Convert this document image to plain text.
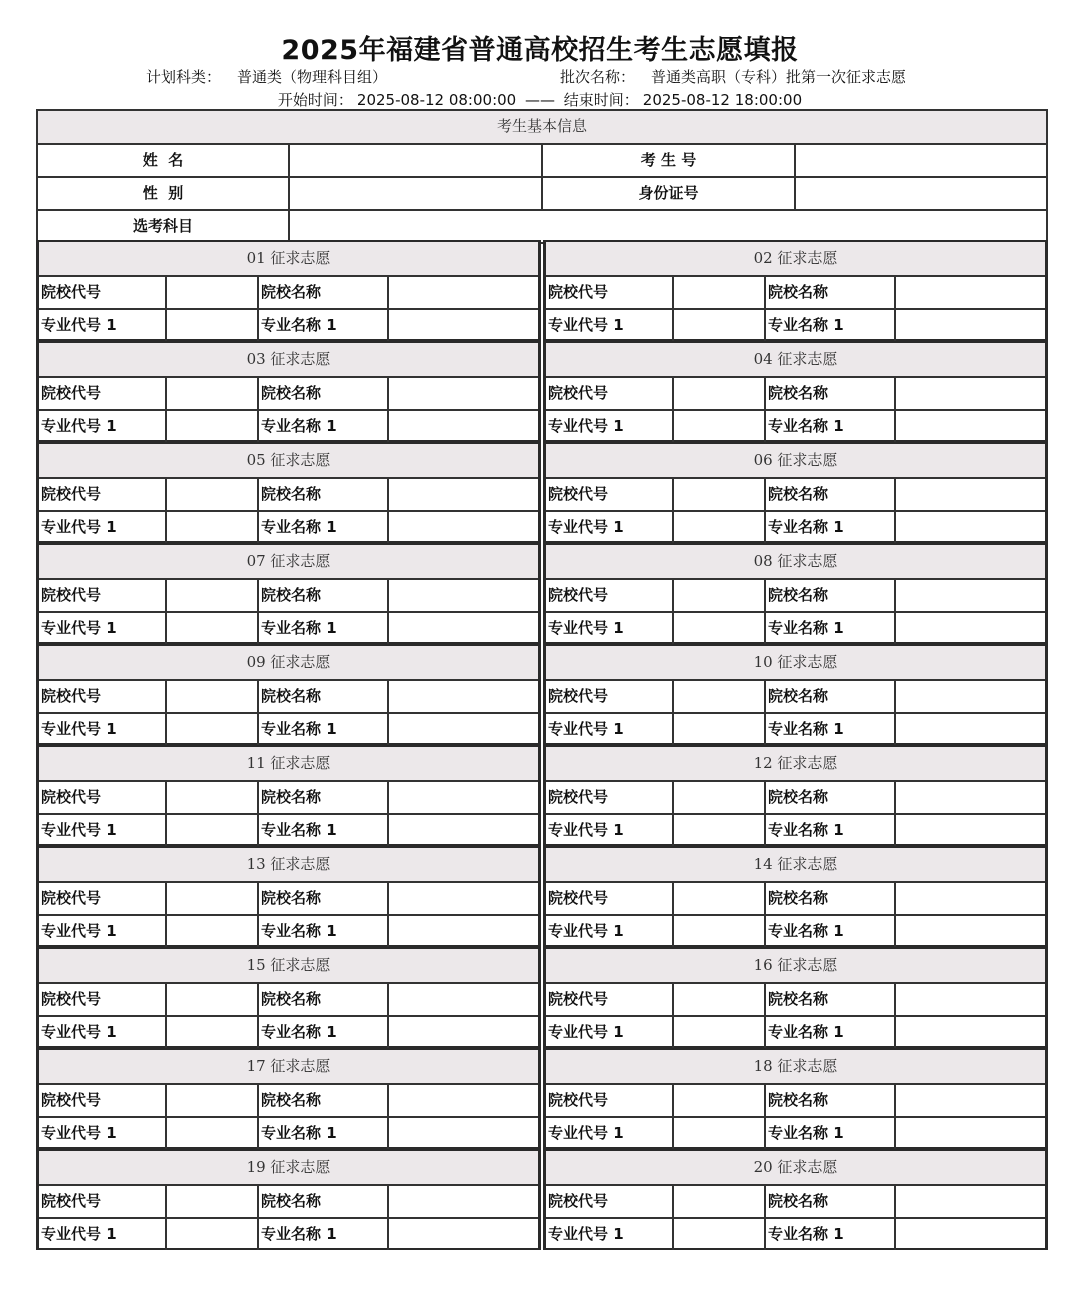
2025年福建省普通高校招生考生志愿填报
计划科类： 普通类（物理科目组）	批次名称： 普通类高职（专科）批第一次征求志愿
开始时间： 2025-08-12 08:00:00 —— 结束时间： 2025-08-12 18:00:00
考生基本信息
姓  名	考 生 号
性  别	身份证号
选考科目
01 征求志愿
院校代号	院校名称
专业代号 1	专业名称 1
02 征求志愿
院校代号	院校名称
专业代号 1	专业名称 1
03 征求志愿
院校代号	院校名称
专业代号 1	专业名称 1
04 征求志愿
院校代号	院校名称
专业代号 1	专业名称 1
05 征求志愿
院校代号	院校名称
专业代号 1	专业名称 1
06 征求志愿
院校代号	院校名称
专业代号 1	专业名称 1
07 征求志愿
院校代号	院校名称
专业代号 1	专业名称 1
08 征求志愿
院校代号	院校名称
专业代号 1	专业名称 1
09 征求志愿
院校代号	院校名称
专业代号 1	专业名称 1
10 征求志愿
院校代号	院校名称
专业代号 1	专业名称 1
11 征求志愿
院校代号	院校名称
专业代号 1	专业名称 1
12 征求志愿
院校代号	院校名称
专业代号 1	专业名称 1
13 征求志愿
院校代号	院校名称
专业代号 1	专业名称 1
14 征求志愿
院校代号	院校名称
专业代号 1	专业名称 1
15 征求志愿
院校代号	院校名称
专业代号 1	专业名称 1
16 征求志愿
院校代号	院校名称
专业代号 1	专业名称 1
17 征求志愿
院校代号	院校名称
专业代号 1	专业名称 1
18 征求志愿
院校代号	院校名称
专业代号 1	专业名称 1
19 征求志愿
院校代号	院校名称
专业代号 1	专业名称 1
20 征求志愿
院校代号	院校名称
专业代号 1	专业名称 1
